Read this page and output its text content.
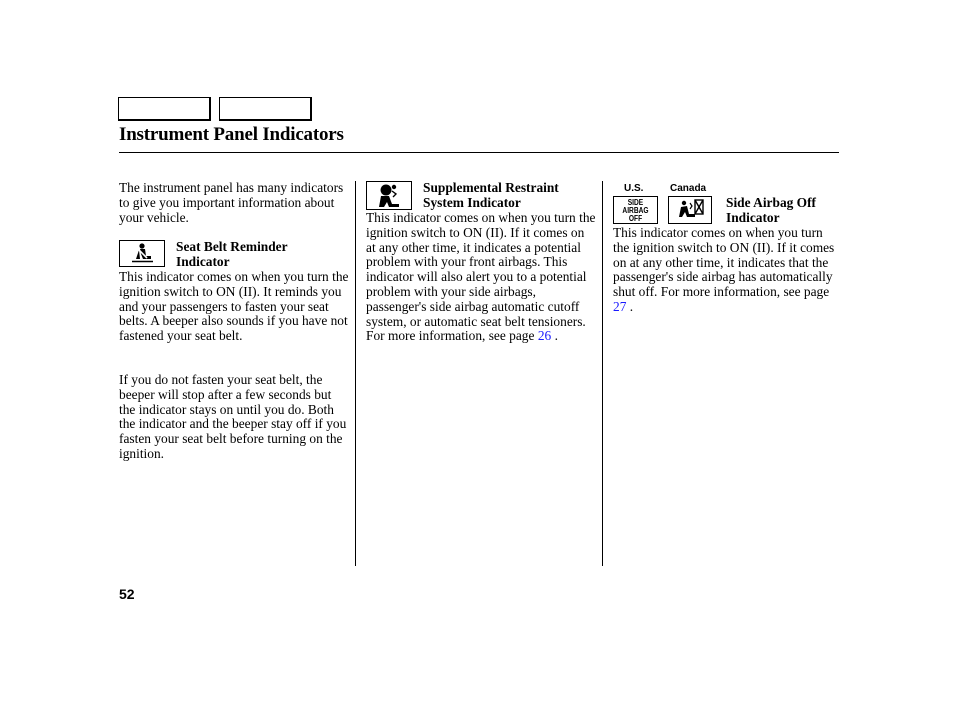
Instrument Panel Indicators

The instrument panel has many indicators to give you important information about your vehicle.

Seat Belt Reminder
Indicator

This indicator comes on when you turn the ignition switch to ON (II). It reminds you and your passengers to fasten your seat belts. A beeper also sounds if you have not fastened your seat belt.

If you do not fasten your seat belt, the beeper will stop after a few seconds but the indicator stays on until you do. Both the indicator and the beeper stay off if you fasten your seat belt before turning on the ignition.

Supplemental Restraint
System Indicator

This indicator comes on when you turn the ignition switch to ON (II). If it comes on at any other time, it indicates a potential problem with your front airbags. This indicator will also alert you to a potential problem with your side airbags, passenger's side airbag automatic cutoff system, or automatic seat belt tensioners. For more information, see page 26 .

U.S.	Canada
SIDE
AIRBAG
OFF

Side Airbag Off
Indicator

This indicator comes on when you turn the ignition switch to ON (II). If it comes on at any other time, it indicates that the passenger's side airbag has automatically shut off. For more information, see page 27 .

52
